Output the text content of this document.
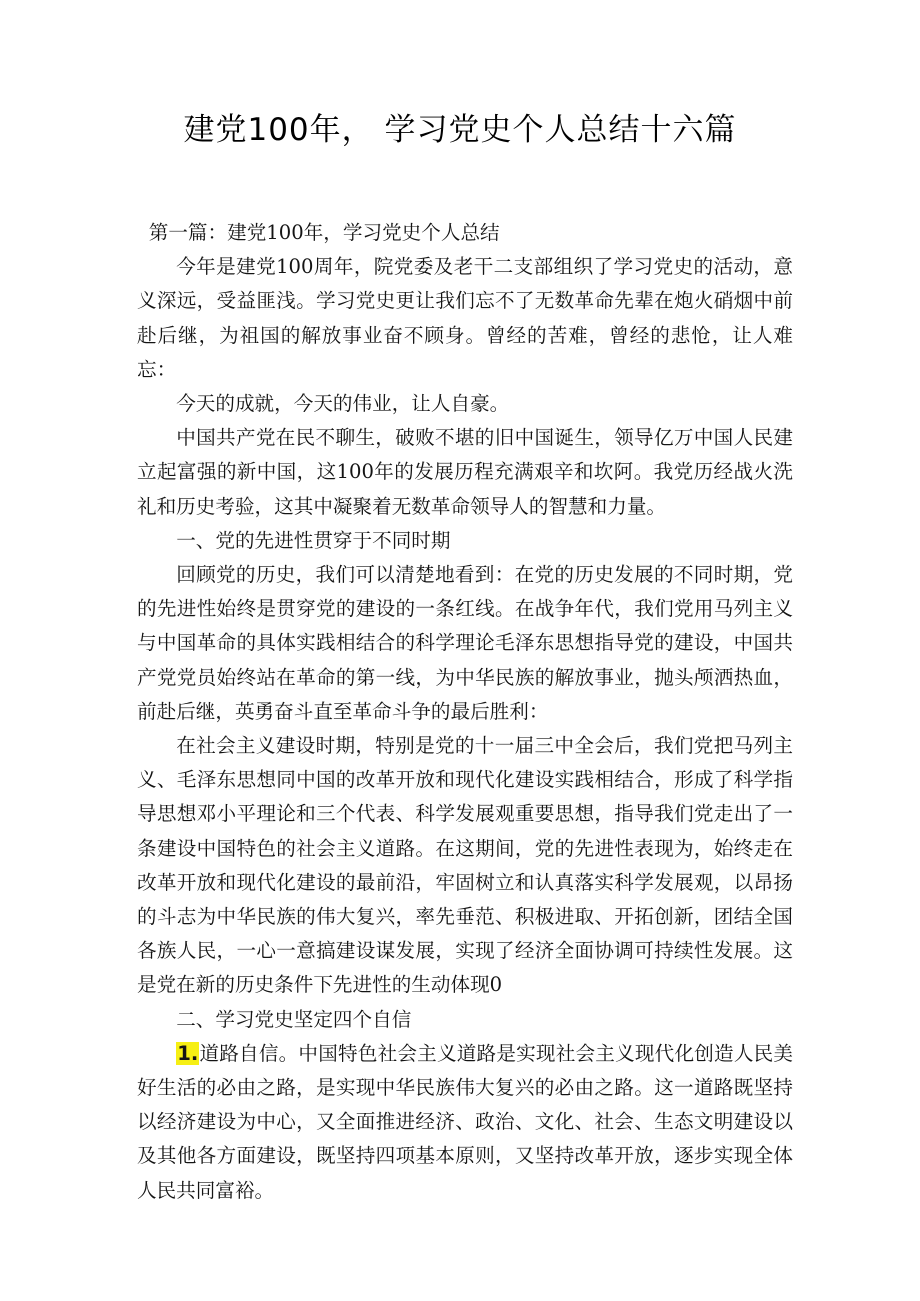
建党100年， 学习党史个人总结十六篇

第一篇：建党100年，学习党史个人总结

今年是建党100周年，院党委及老干二支部组织了学习党史的活动，意义深远，受益匪浅。学习党史更让我们忘不了无数革命先辈在炮火硝烟中前赴后继，为祖国的解放事业奋不顾身。曾经的苦难，曾经的悲怆，让人难忘：

今天的成就，今天的伟业，让人自豪。

中国共产党在民不聊生，破败不堪的旧中国诞生，领导亿万中国人民建立起富强的新中国，这100年的发展历程充满艰辛和坎阿。我党历经战火洗礼和历史考验，这其中凝聚着无数革命领导人的智慧和力量。

一、党的先进性贯穿于不同时期

回顾党的历史，我们可以清楚地看到：在党的历史发展的不同时期，党的先进性始终是贯穿党的建设的一条红线。在战争年代，我们党用马列主义与中国革命的具体实践相结合的科学理论毛泽东思想指导党的建设，中国共产党党员始终站在革命的第一线，为中华民族的解放事业，抛头颅洒热血，前赴后继，英勇奋斗直至革命斗争的最后胜利：

在社会主义建设时期，特别是党的十一届三中全会后，我们党把马列主义、毛泽东思想同中国的改革开放和现代化建设实践相结合，形成了科学指导思想邓小平理论和三个代表、科学发展观重要思想，指导我们党走出了一条建设中国特色的社会主义道路。在这期间，党的先进性表现为，始终走在改革开放和现代化建设的最前沿，牢固树立和认真落实科学发展观，以昂扬的斗志为中华民族的伟大复兴，率先垂范、积极进取、开拓创新，团结全国各族人民，一心一意搞建设谋发展，实现了经济全面协调可持续性发展。这是党在新的历史条件下先进性的生动体现0

二、学习党史坚定四个自信

1.道路自信。中国特色社会主义道路是实现社会主义现代化创造人民美好生活的必由之路，是实现中华民族伟大复兴的必由之路。这一道路既坚持以经济建设为中心，又全面推进经济、政治、文化、社会、生态文明建设以及其他各方面建设，既坚持四项基本原则，又坚持改革开放，逐步实现全体人民共同富裕。
